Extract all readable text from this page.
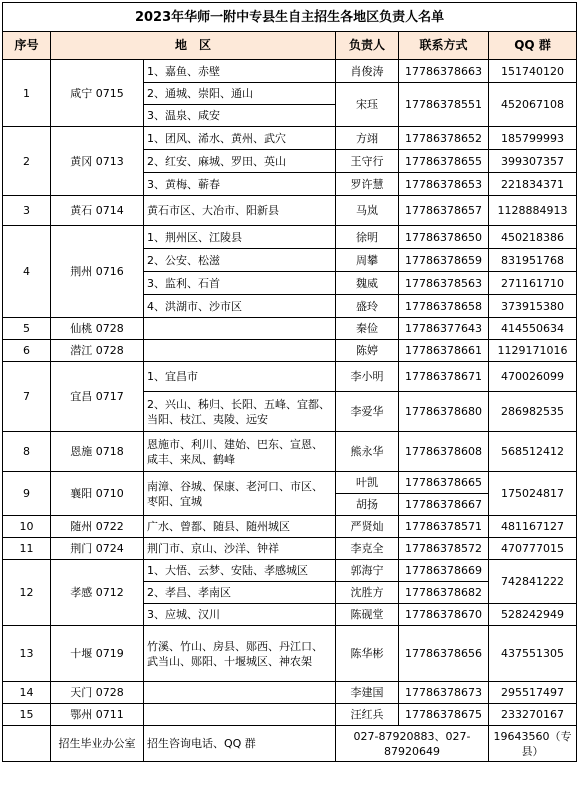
2023年华师一附中专县生自主招生各地区负责人名单					
序号	地　区		负责人	联系方式	QQ 群
1	咸宁 0715	1、嘉鱼、赤壁	肖俊涛	17786378663	151740120
		2、通城、崇阳、通山	宋珏	17786378551	452067108
		3、温泉、咸安			
2	黄冈 0713	1、团风、浠水、黄州、武穴	方翊	17786378652	185799993
		2、红安、麻城、罗田、英山	王守行	17786378655	399307357
		3、黄梅、蕲春	罗许慧	17786378653	221834371
3	黄石 0714	黄石市区、大冶市、阳新县	马岚	17786378657	1128884913
4	荆州 0716	1、荆州区、江陵县	徐明	17786378650	450218386
		2、公安、松滋	周攀	17786378659	831951768
		3、监利、石首	魏威	17786378563	271161710
		4、洪湖市、沙市区	盛玲	17786378658	373915380
5	仙桃 0728		秦俭	17786377643	414550634
6	潜江 0728		陈婷	17786378661	1129171016
7	宜昌 0717	1、宜昌市	李小明	17786378671	470026099
		2、兴山、秭归、长阳、五峰、宜都、当阳、枝江、夷陵、远安	李爱华	17786378680	286982535
8	恩施 0718	恩施市、利川、建始、巴东、宣恩、咸丰、来凤、鹤峰	熊永华	17786378608	568512412
9	襄阳 0710	南漳、谷城、保康、老河口、市区、枣阳、宜城	叶凯	17786378665	175024817
			胡扬	17786378667	
10	随州 0722	广水、曾都、随县、随州城区	严贤灿	17786378571	481167127
11	荆门 0724	荆门市、京山、沙洋、钟祥	李克全	17786378572	470777015
12	孝感 0712	1、大悟、云梦、安陆、孝感城区	郭海宁	17786378669	742841222
		2、孝昌、孝南区	沈胜方	17786378682	
		3、应城、汉川	陈砚堂	17786378670	528242949
13	十堰 0719	竹溪、竹山、房县、郧西、丹江口、武当山、郧阳、十堰城区、神农架	陈华彬	17786378656	437551305
14	天门 0728		李建国	17786378673	295517497
15	鄂州 0711		汪红兵	17786378675	233270167
	招生毕业办公室	招生咨询电话、QQ 群	027-87920883、027-87920649		19643560（专县）
